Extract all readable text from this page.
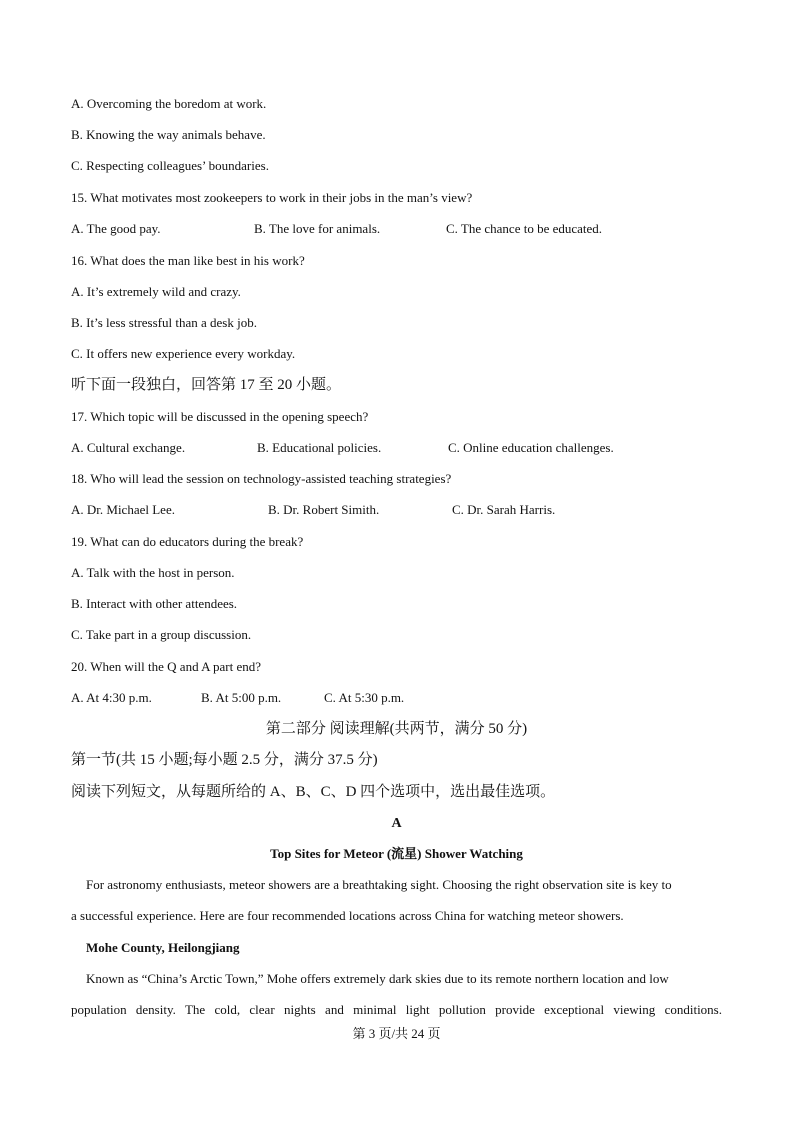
A. Overcoming the boredom at work.
B. Knowing the way animals behave.
C. Respecting colleagues’ boundaries.
15. What motivates most zookeepers to work in their jobs in the man’s view?
A. The good pay.	B. The love for animals.	C. The chance to be educated.
16. What does the man like best in his work?
A. It’s extremely wild and crazy.
B. It’s less stressful than a desk job.
C. It offers new experience every workday.
听下面一段独白，回答第 17 至 20 小题。
17. Which topic will be discussed in the opening speech?
A. Cultural exchange.	B. Educational policies.	C. Online education challenges.
18. Who will lead the session on technology-assisted teaching strategies?
A. Dr. Michael Lee.	B. Dr. Robert Simith.	C. Dr. Sarah Harris.
19. What can do educators during the break?
A. Talk with the host in person.
B. Interact with other attendees.
C. Take part in a group discussion.
20. When will the Q and A part end?
A. At 4:30 p.m.	B. At 5:00 p.m.	C. At 5:30 p.m.
第二部分 阅读理解(共两节，满分 50 分)
第一节(共 15 小题;每小题 2.5 分，满分 37.5 分)
阅读下列短文，从每题所给的 A、B、C、D 四个选项中，选出最佳选项。
A
Top Sites for Meteor (流星) Shower Watching
For astronomy enthusiasts, meteor showers are a breathtaking sight. Choosing the right observation site is key to
a successful experience. Here are four recommended locations across China for watching meteor showers.
Mohe County, Heilongjiang
Known as “China’s Arctic Town,” Mohe offers extremely dark skies due to its remote northern location and low
population density. The cold, clear nights and minimal light pollution provide exceptional viewing conditions.
第 3 页/共 24 页
